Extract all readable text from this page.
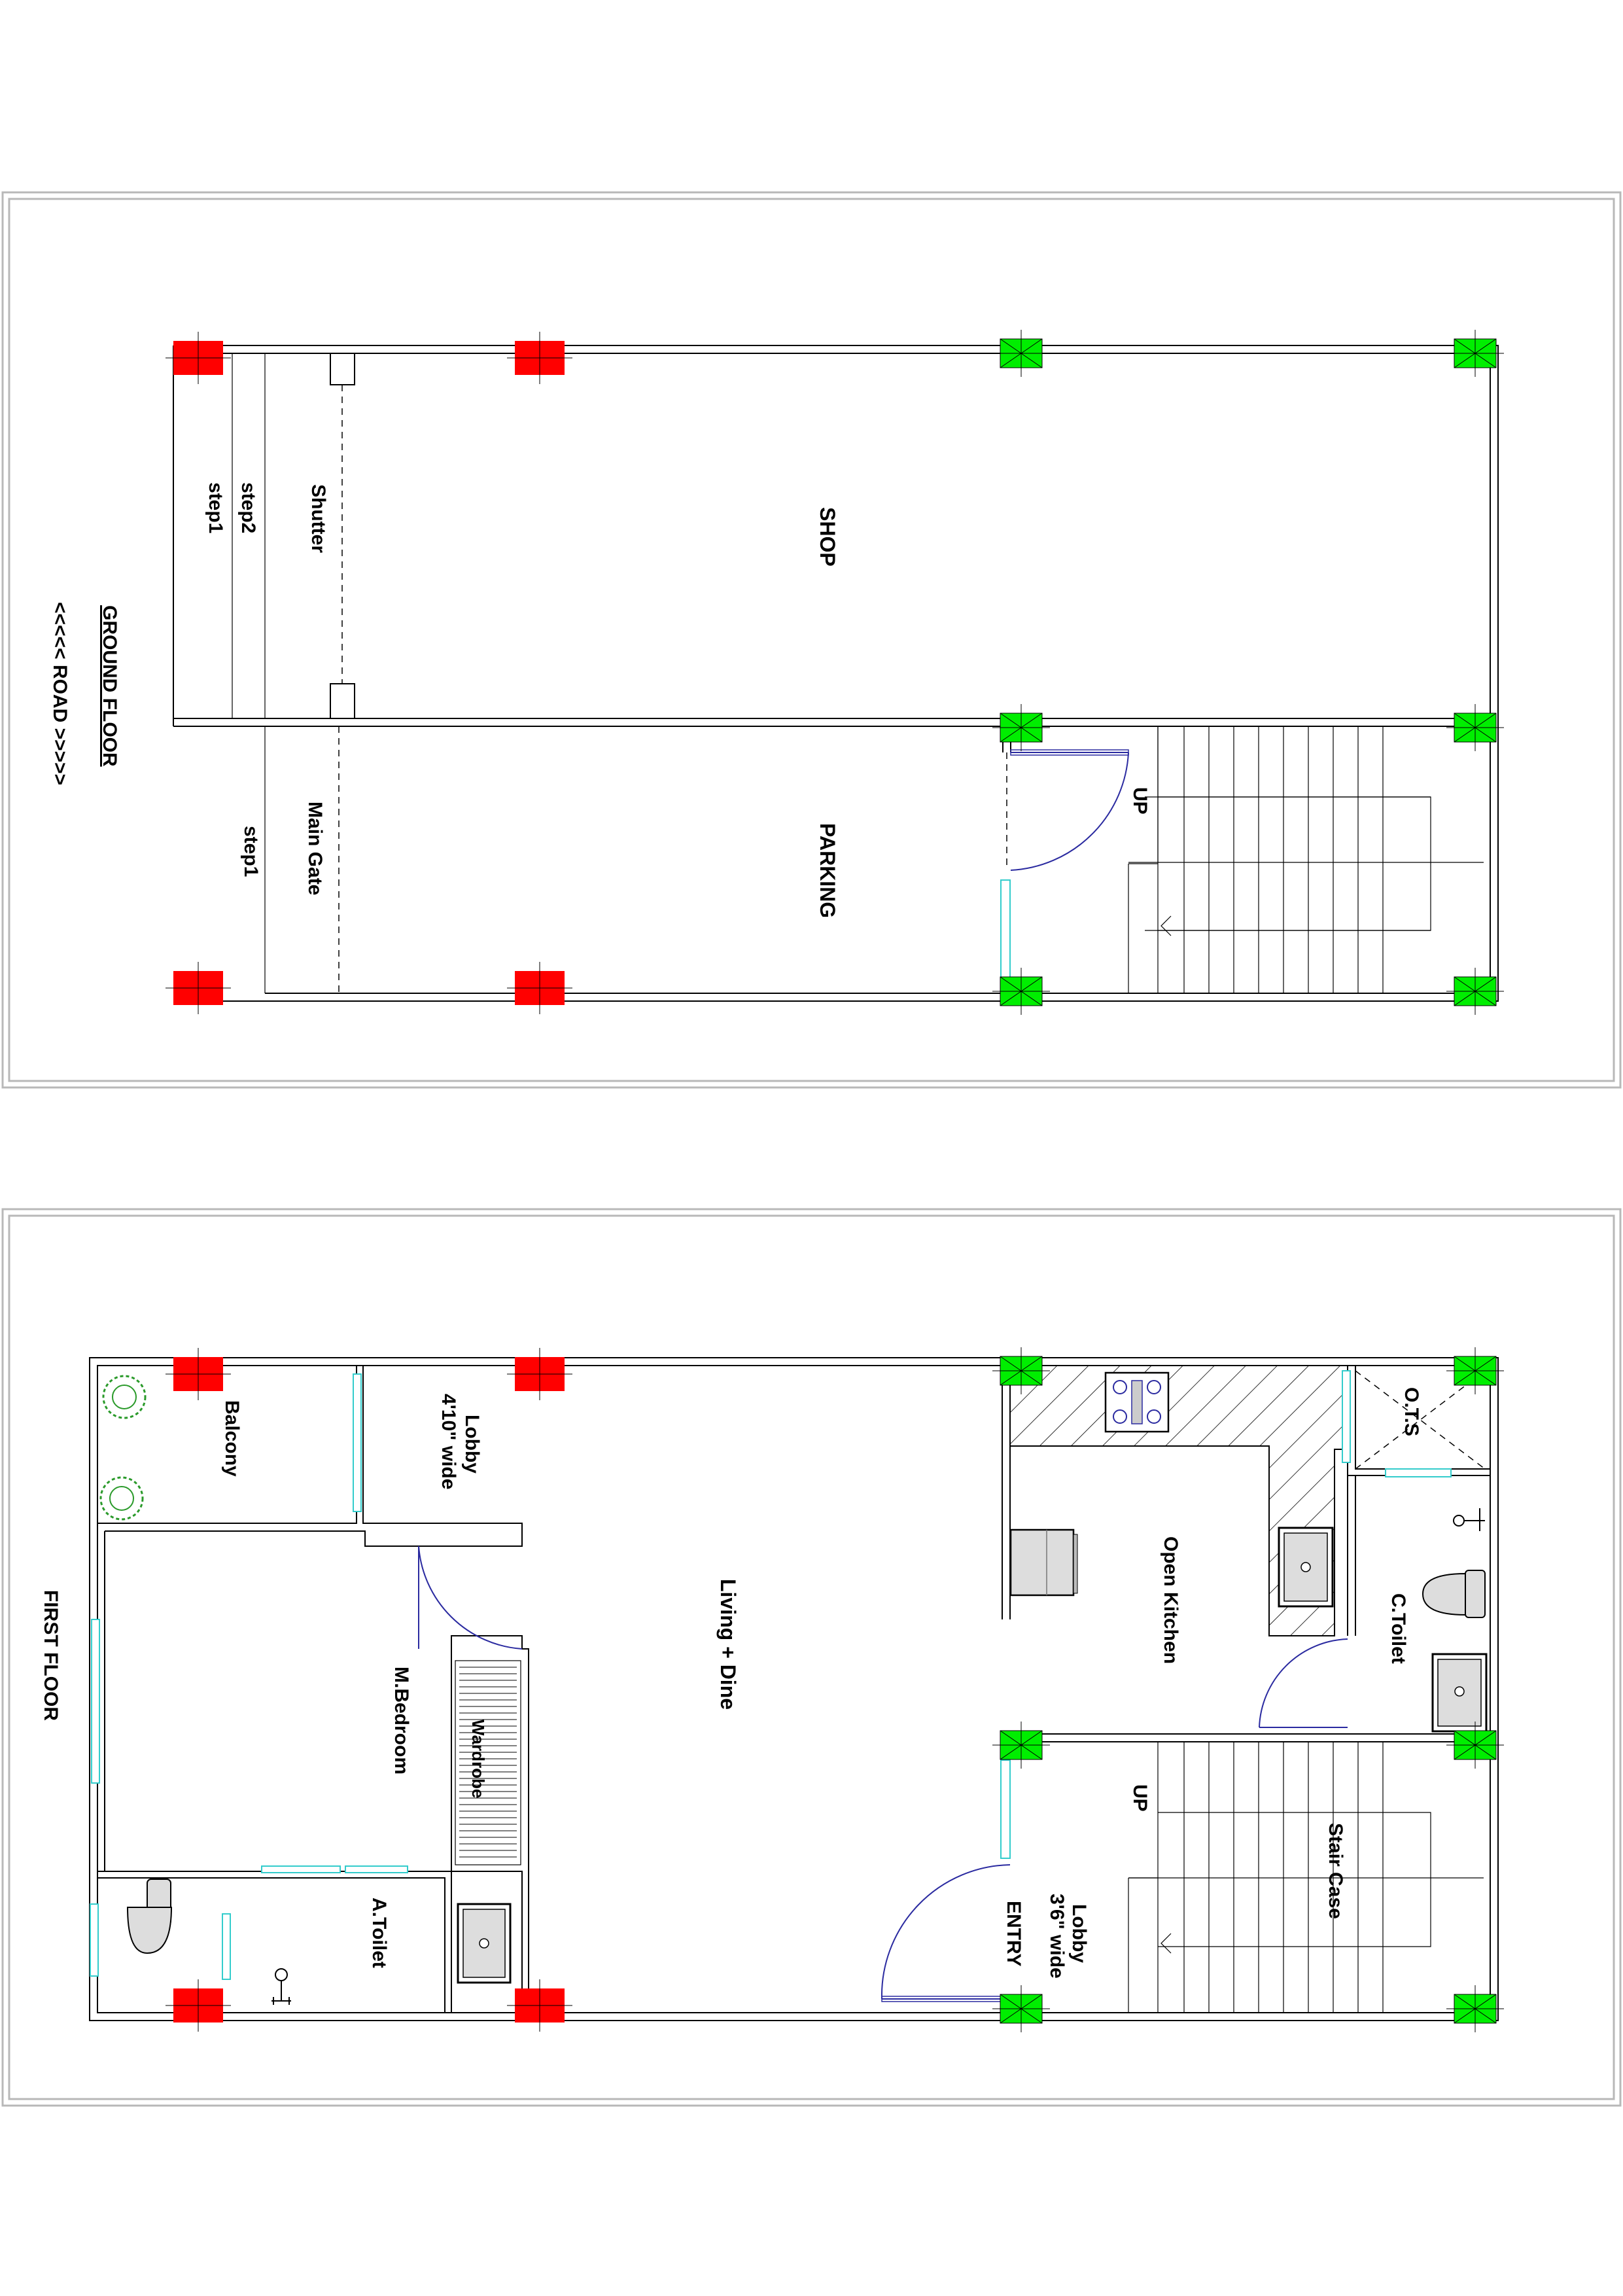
GROUND FLOOR
<<<<< ROAD >>>>>
step1 step2 Shutter	SHOP
step1 Main Gate	PARKING
UP
FIRST FLOOR
Balcony	Lobby
4'10" wide
Living + Dine
M.Bedroom	Wardrobe
A.Toilet
Open Kitchen
O.T.S
C.Toilet
UP
Stair Case
Lobby
3'6" wide
ENTRY
